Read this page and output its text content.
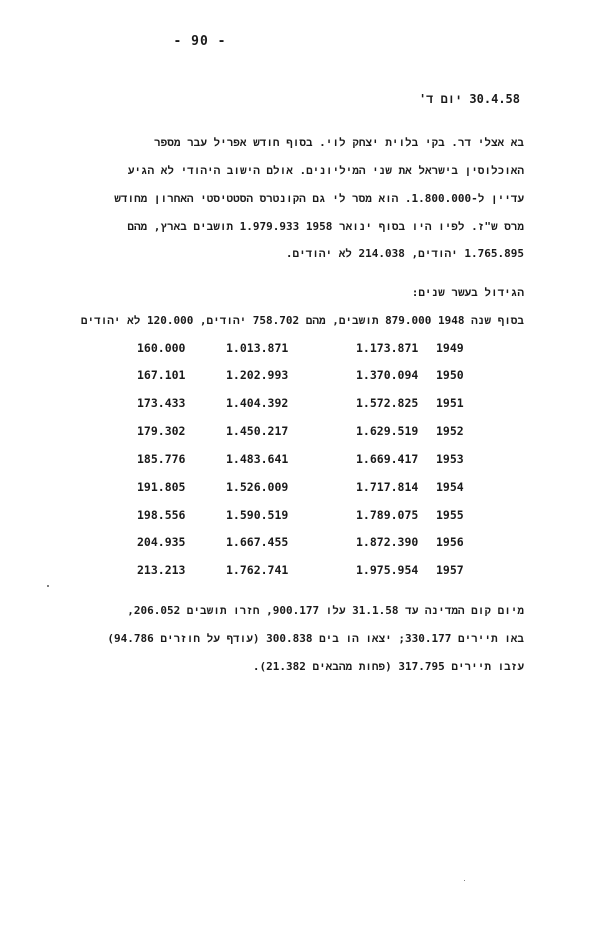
- 90 -
30.4.58 יום ד'
בא אצלי דר. בקי בלוית יצחק לוי. בסוף חודש אפריל עבר מספר
האוכלוסין בישראל את שני המיליונים. אולם הישוב היהודי לא הגיע
עדיין ל-1.800.000. הוא מסר לי גם הקונטרס הסטטיסטי האחרון מחודש
מרס ש"ז. לפיו היו בסוף ינואר 1958 1.979.933 תושבים בארץ, מהם
1.765.895 יהודים, 214.038 לא יהודים.
הגידול בעשר שנים:
בסוף שנה 1948 879.000 תושבים, מהם 758.702 יהודים, 120.000 לא יהודים
160.000	1.013.871	1.173.871 1949
167.101	1.202.993	1.370.094 1950
173.433	1.404.392	1.572.825 1951
179.302	1.450.217	1.629.519 1952
185.776	1.483.641	1.669.417 1953
191.805	1.526.009	1.717.814 1954
198.556	1.590.519	1.789.075 1955
204.935	1.667.455	1.872.390 1956
213.213	1.762.741	1.975.954 1957
מיום קום המדינה עד 31.1.58 עלו 900.177, חזרו תושבים 206.052,
באו תיירים 330.177; יצאו הו בים 300.838 (עודף על חוזרים 94.786)
עזבו תיירים 317.795 (פחות מהבאים 21.382).
